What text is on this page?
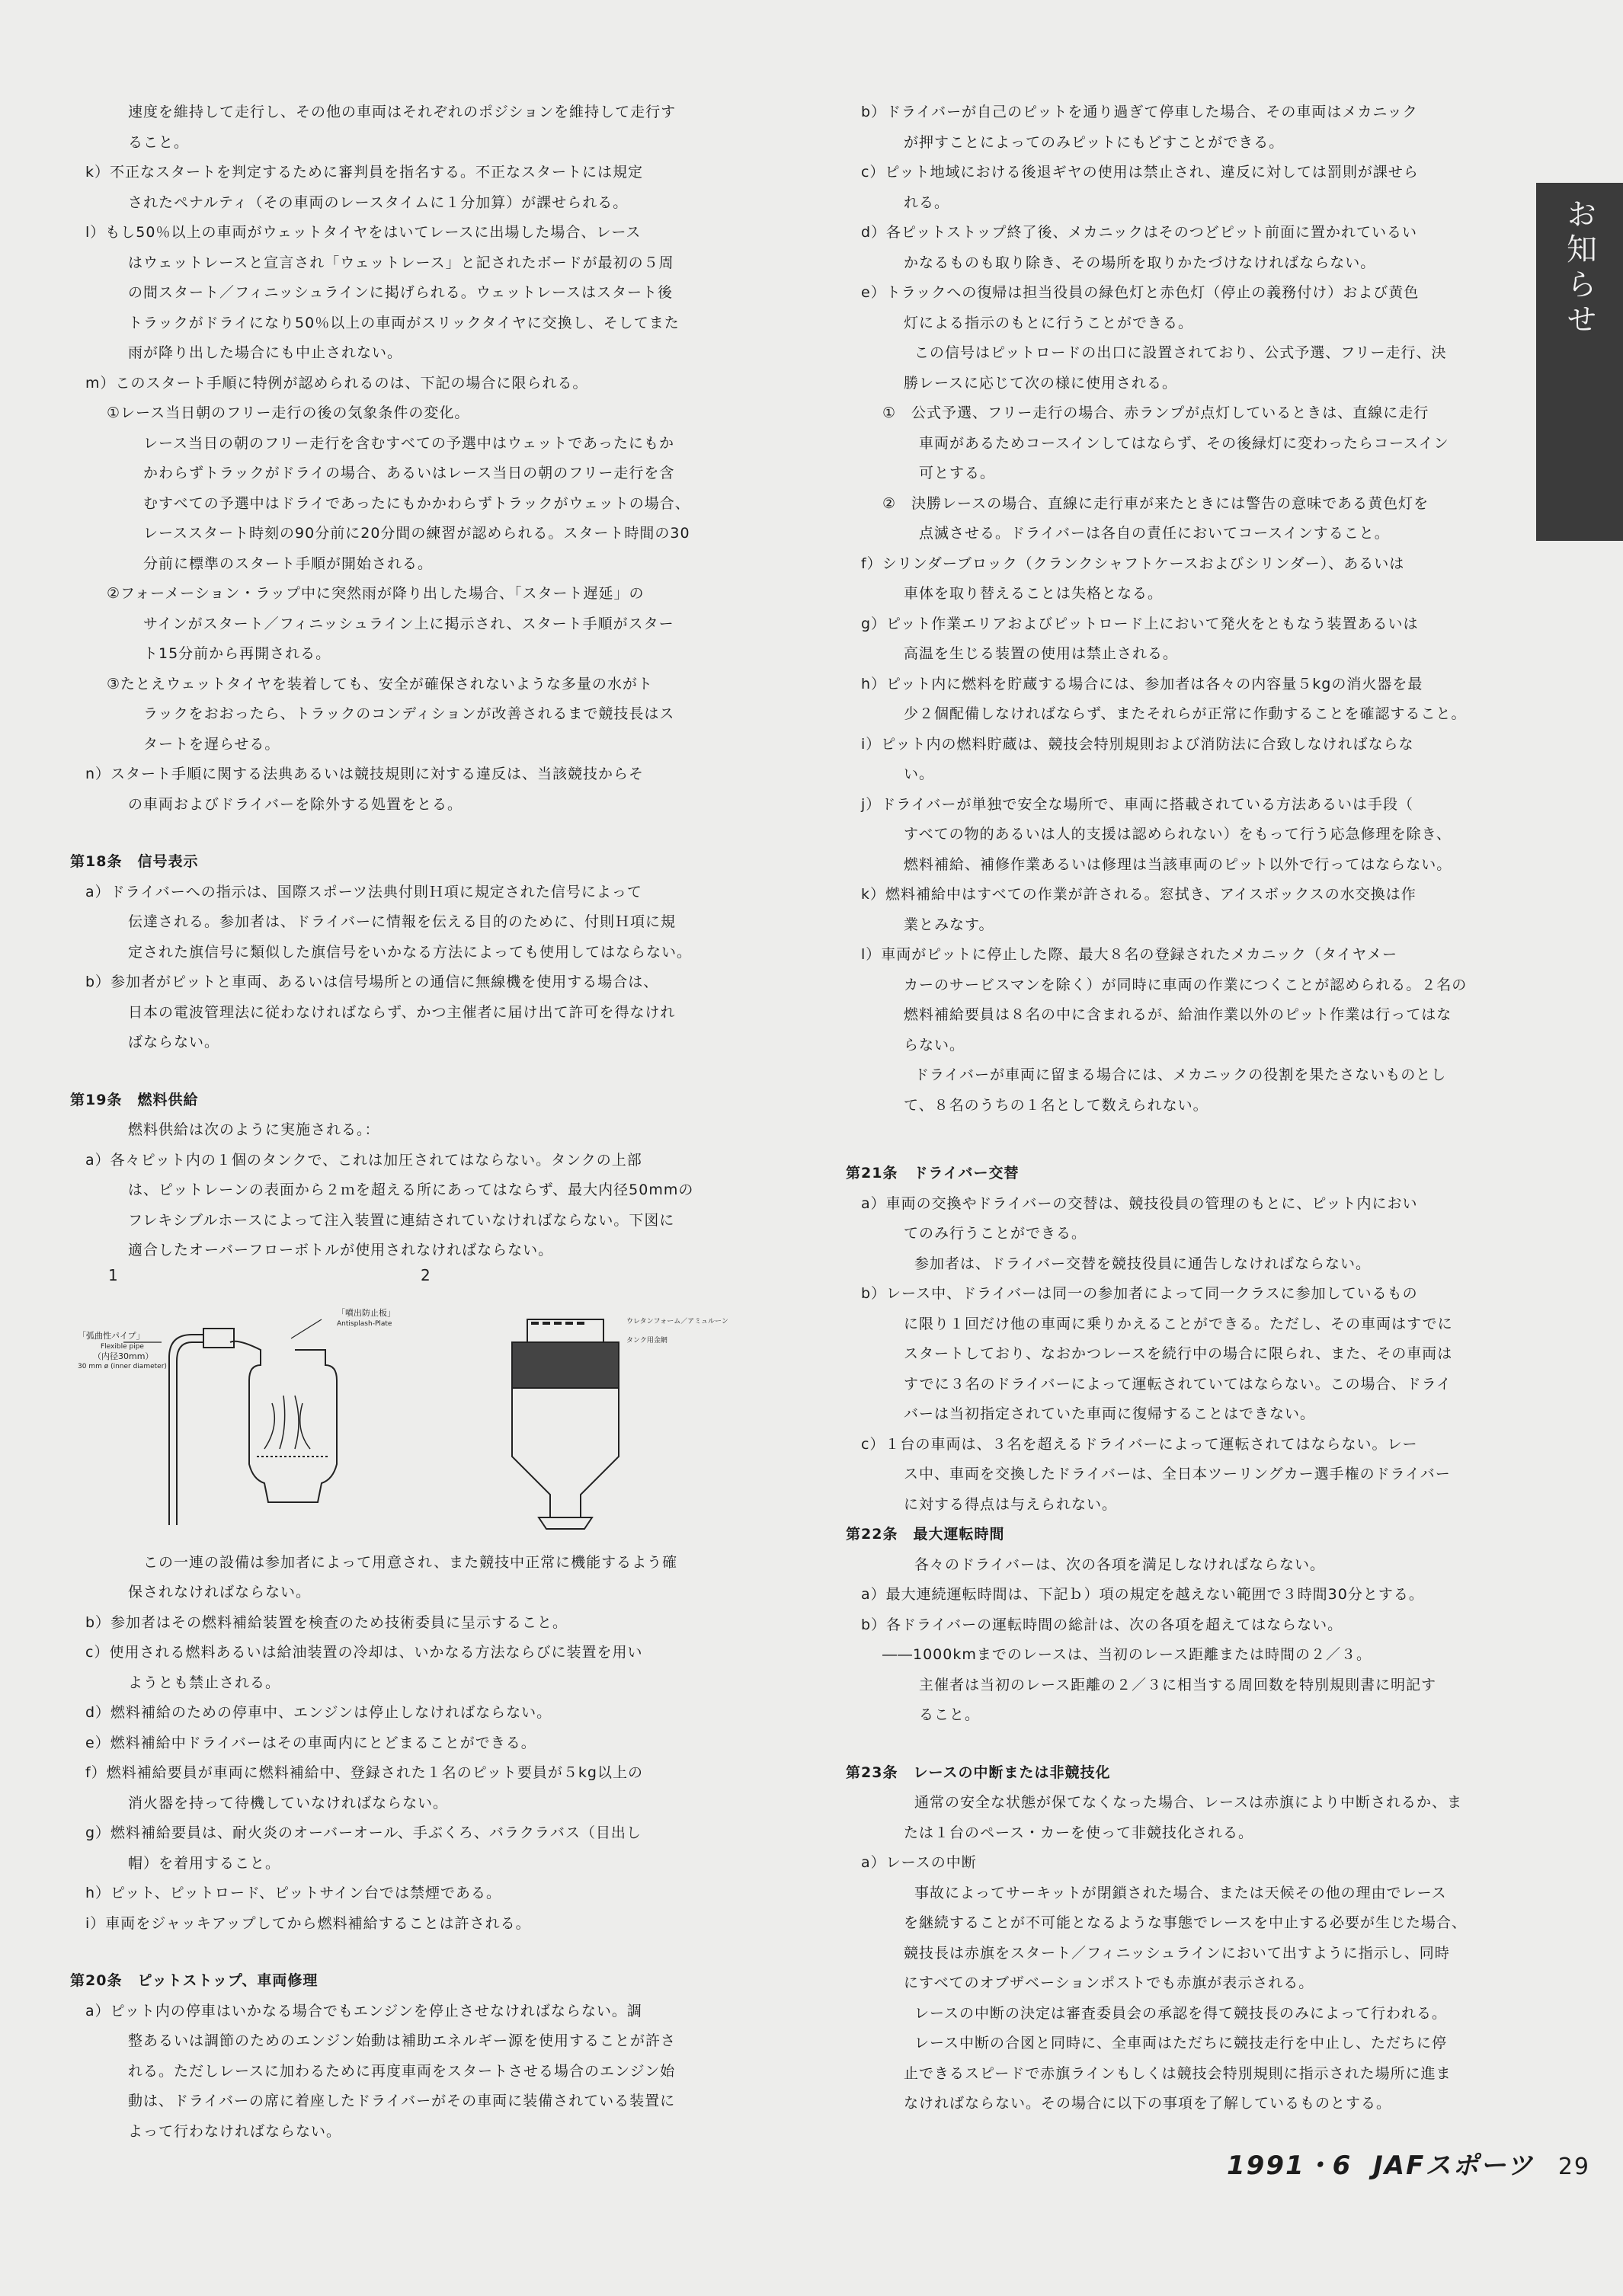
お知らせ
速度を維持して走行し、その他の車両はそれぞれのポジションを維持して走行す
ること。
k）不正なスタートを判定するために審判員を指名する。不正なスタートには規定
されたペナルティ（その車両のレースタイムに１分加算）が課せられる。
l）もし50％以上の車両がウェットタイヤをはいてレースに出場した場合、レース
はウェットレースと宣言され「ウェットレース」と記されたボードが最初の５周
の間スタート／フィニッシュラインに掲げられる。ウェットレースはスタート後
トラックがドライになり50％以上の車両がスリックタイヤに交換し、そしてまた
雨が降り出した場合にも中止されない。
m）このスタート手順に特例が認められるのは、下記の場合に限られる。
①レース当日朝のフリー走行の後の気象条件の変化。
レース当日の朝のフリー走行を含むすべての予選中はウェットであったにもか
かわらずトラックがドライの場合、あるいはレース当日の朝のフリー走行を含
むすべての予選中はドライであったにもかかわらずトラックがウェットの場合、
レーススタート時刻の90分前に20分間の練習が認められる。スタート時間の30
分前に標準のスタート手順が開始される。
②フォーメーション・ラップ中に突然雨が降り出した場合、「スタート遅延」の
サインがスタート／フィニッシュライン上に掲示され、スタート手順がスター
ト15分前から再開される。
③たとえウェットタイヤを装着しても、安全が確保されないような多量の水がト
ラックをおおったら、トラックのコンディションが改善されるまで競技長はス
タートを遅らせる。
n）スタート手順に関する法典あるいは競技規則に対する違反は、当該競技からそ
の車両およびドライバーを除外する処置をとる。
第18条　信号表示
a）ドライバーへの指示は、国際スポーツ法典付則Ｈ項に規定された信号によって
伝達される。参加者は、ドライバーに情報を伝える目的のために、付則Ｈ項に規
定された旗信号に類似した旗信号をいかなる方法によっても使用してはならない。
b）参加者がピットと車両、あるいは信号場所との通信に無線機を使用する場合は、
日本の電波管理法に従わなければならず、かつ主催者に届け出て許可を得なけれ
ばならない。
第19条　燃料供給
燃料供給は次のように実施される。：
a）各々ピット内の１個のタンクで、これは加圧されてはならない。タンクの上部
は、ピットレーンの表面から２ｍを超える所にあってはならず、最大内径50mmの
フレキシブルホースによって注入装置に連結されていなければならない。下図に
適合したオーバーフローボトルが使用されなければならない。
1	2
「噴出防止板」
Antisplash-Plate
「弧曲性パイプ」
Flexible pipe
（内径30mm）
30 mm ø (inner diameter)
ウレタンフォーム／アミュルーン
タンク用金網
　この一連の設備は参加者によって用意され、また競技中正常に機能するよう確
保されなければならない。
b）参加者はその燃料補給装置を検査のため技術委員に呈示すること。
c）使用される燃料あるいは給油装置の冷却は、いかなる方法ならびに装置を用い
ようとも禁止される。
d）燃料補給のための停車中、エンジンは停止しなければならない。
e）燃料補給中ドライバーはその車両内にとどまることができる。
f）燃料補給要員が車両に燃料補給中、登録された１名のピット要員が５kg以上の
消火器を持って待機していなければならない。
g）燃料補給要員は、耐火炎のオーバーオール、手ぶくろ、バラクラバス（目出し
帽）を着用すること。
h）ピット、ピットロード、ピットサイン台では禁煙である。
i）車両をジャッキアップしてから燃料補給することは許される。
第20条　ピットストップ、車両修理
a）ピット内の停車はいかなる場合でもエンジンを停止させなければならない。調
整あるいは調節のためのエンジン始動は補助エネルギー源を使用することが許さ
れる。ただしレースに加わるために再度車両をスタートさせる場合のエンジン始
動は、ドライバーの席に着座したドライバーがその車両に装備されている装置に
よって行わなければならない。
b）ドライバーが自己のピットを通り過ぎて停車した場合、その車両はメカニック
が押すことによってのみピットにもどすことができる。
c）ピット地域における後退ギヤの使用は禁止され、違反に対しては罰則が課せら
れる。
d）各ピットストップ終了後、メカニックはそのつどピット前面に置かれているい
かなるものも取り除き、その場所を取りかたづけなければならない。
e）トラックへの復帰は担当役員の緑色灯と赤色灯（停止の義務付け）および黄色
灯による指示のもとに行うことができる。
この信号はピットロードの出口に設置されており、公式予選、フリー走行、決
勝レースに応じて次の様に使用される。
①　公式予選、フリー走行の場合、赤ランプが点灯しているときは、直線に走行
車両があるためコースインしてはならず、その後緑灯に変わったらコースイン
可とする。
②　決勝レースの場合、直線に走行車が来たときには警告の意味である黄色灯を
点滅させる。ドライバーは各自の責任においてコースインすること。
f）シリンダーブロック（クランクシャフトケースおよびシリンダー）、あるいは
車体を取り替えることは失格となる。
g）ピット作業エリアおよびピットロード上において発火をともなう装置あるいは
高温を生じる装置の使用は禁止される。
h）ピット内に燃料を貯蔵する場合には、参加者は各々の内容量５kgの消火器を最
少２個配備しなければならず、またそれらが正常に作動することを確認すること。
i）ピット内の燃料貯蔵は、競技会特別規則および消防法に合致しなければならな
い。
j）ドライバーが単独で安全な場所で、車両に搭載されている方法あるいは手段（
すべての物的あるいは人的支援は認められない）をもって行う応急修理を除き、
燃料補給、補修作業あるいは修理は当該車両のピット以外で行ってはならない。
k）燃料補給中はすべての作業が許される。窓拭き、アイスボックスの水交換は作
業とみなす。
l）車両がピットに停止した際、最大８名の登録されたメカニック（タイヤメー
カーのサービスマンを除く）が同時に車両の作業につくことが認められる。２名の
燃料補給要員は８名の中に含まれるが、給油作業以外のピット作業は行ってはな
らない。
ドライバーが車両に留まる場合には、メカニックの役割を果たさないものとし
て、８名のうちの１名として数えられない。
第21条　ドライバー交替
a）車両の交換やドライバーの交替は、競技役員の管理のもとに、ピット内におい
てのみ行うことができる。
参加者は、ドライバー交替を競技役員に通告しなければならない。
b）レース中、ドライバーは同一の参加者によって同一クラスに参加しているもの
に限り１回だけ他の車両に乗りかえることができる。ただし、その車両はすでに
スタートしており、なおかつレースを続行中の場合に限られ、また、その車両は
すでに３名のドライバーによって運転されていてはならない。この場合、ドライ
バーは当初指定されていた車両に復帰することはできない。
c）１台の車両は、３名を超えるドライバーによって運転されてはならない。レー
ス中、車両を交換したドライバーは、全日本ツーリングカー選手権のドライバー
に対する得点は与えられない。
第22条　最大運転時間
各々のドライバーは、次の各項を満足しなければならない。
a）最大連続運転時間は、下記ｂ）項の規定を越えない範囲で３時間30分とする。
b）各ドライバーの運転時間の総計は、次の各項を超えてはならない。
――1000kmまでのレースは、当初のレース距離または時間の２／３。
主催者は当初のレース距離の２／３に相当する周回数を特別規則書に明記す
ること。
第23条　レースの中断または非競技化
通常の安全な状態が保てなくなった場合、レースは赤旗により中断されるか、ま
たは１台のペース・カーを使って非競技化される。
a）レースの中断
事故によってサーキットが閉鎖された場合、または天候その他の理由でレース
を継続することが不可能となるような事態でレースを中止する必要が生じた場合、
競技長は赤旗をスタート／フィニッシュラインにおいて出すように指示し、同時
にすべてのオブザベーションポストでも赤旗が表示される。
レースの中断の決定は審査委員会の承認を得て競技長のみによって行われる。
レース中断の合図と同時に、全車両はただちに競技走行を中止し、ただちに停
止できるスピードで赤旗ラインもしくは競技会特別規則に指示された場所に進ま
なければならない。その場合に以下の事項を了解しているものとする。
1991・6 JAFスポーツ 29
